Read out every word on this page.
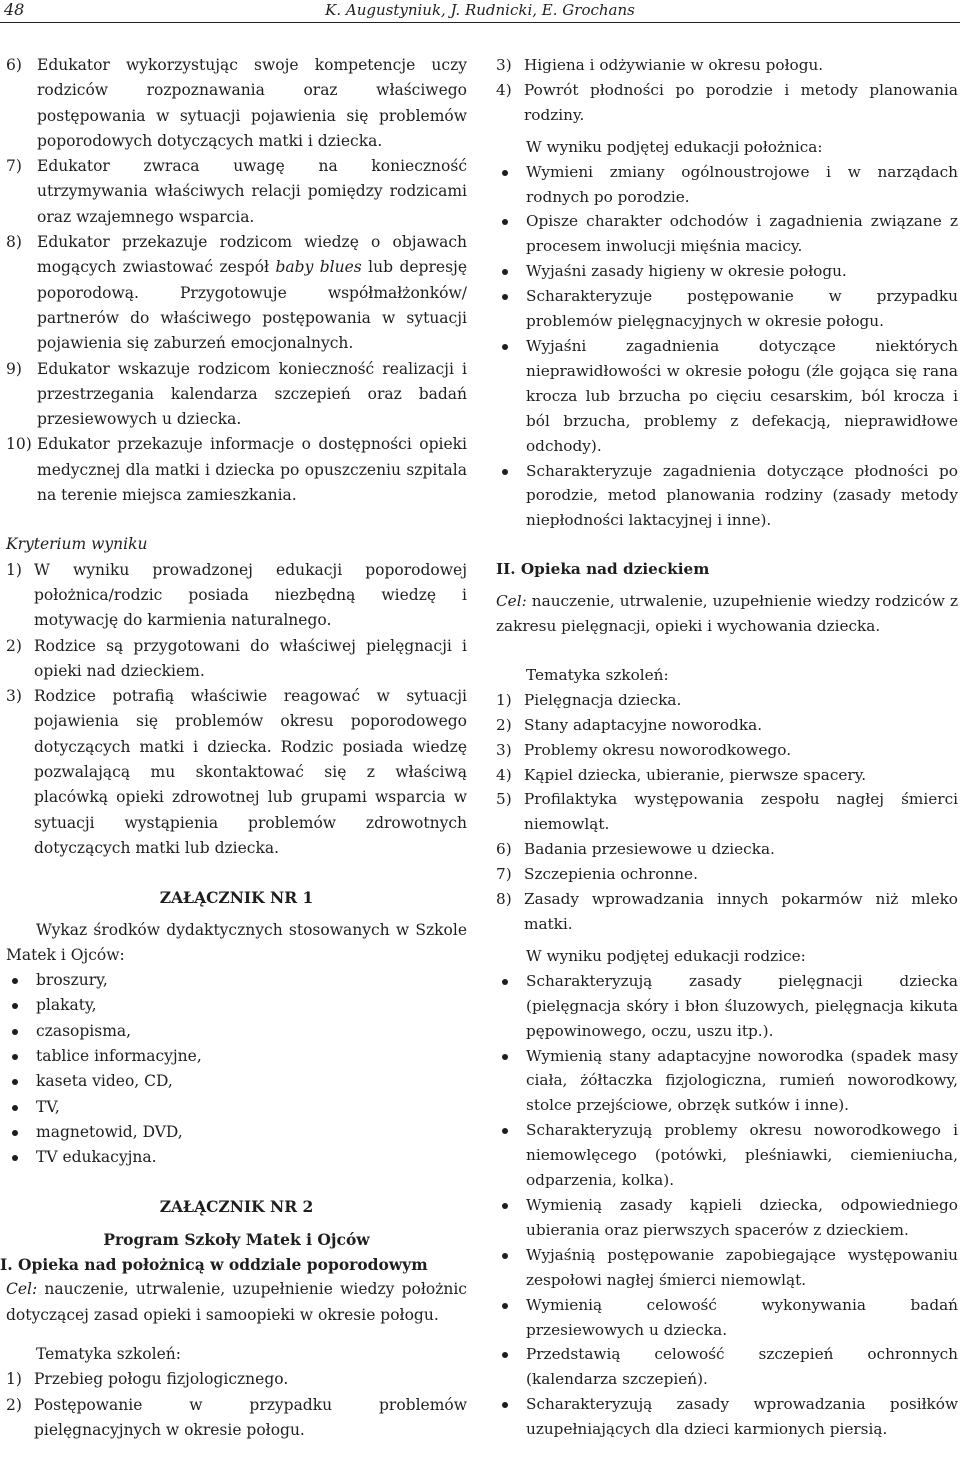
48	K. Augustyniuk, J. Rudnicki, E. Grochans
6) Edukator wykorzystując swoje kompetencje uczy rodziców rozpoznawania oraz właściwego postępowania w sytuacji pojawienia się problemów poporodowych dotyczących matki i dziecka.
7) Edukator zwraca uwagę na konieczność utrzymywania właściwych relacji pomiędzy rodzicami oraz wzajemnego wsparcia.
8) Edukator przekazuje rodzicom wiedzę o objawach mogących zwiastować zespół baby blues lub depresję poporodową. Przygotowuje współmałżonków/ partnerów do właściwego postępowania w sytuacji pojawienia się zaburzeń emocjonalnych.
9) Edukator wskazuje rodzicom konieczność realizacji i przestrzegania kalendarza szczepień oraz badań przesiewowych u dziecka.
10) Edukator przekazuje informacje o dostępności opieki medycznej dla matki i dziecka po opuszczeniu szpitala na terenie miejsca zamieszkania.

Kryterium wyniku

1) W wyniku prowadzonej edukacji poporodowej położnica/rodzic posiada niezbędną wiedzę i motywację do karmienia naturalnego.
2) Rodzice są przygotowani do właściwej pielęgnacji i opieki nad dzieckiem.
3) Rodzice potrafią właściwie reagować w sytuacji pojawienia się problemów okresu poporodowego dotyczących matki i dziecka. Rodzic posiada wiedzę pozwalającą mu skontaktować się z właściwą placówką opieki zdrowotnej lub grupami wsparcia w sytuacji wystąpienia problemów zdrowotnych dotyczących matki lub dziecka.

ZAŁĄCZNIK NR 1

Wykaz środków dydaktycznych stosowanych w Szkole Matek i Ojców:

broszury,
plakaty,
czasopisma,
tablice informacyjne,
kaseta video, CD,
TV,
magnetowid, DVD,
TV edukacyjna.

ZAŁĄCZNIK NR 2

Program Szkoły Matek i Ojców

I. Opieka nad położnicą w oddziale poporodowym

Cel: nauczenie, utrwalenie, uzupełnienie wiedzy położnic dotyczącej zasad opieki i samoopieki w okresie połogu.

Tematyka szkoleń:

1) Przebieg połogu fizjologicznego.
2) Postępowanie w przypadku problemów pielęgnacyjnych w okresie połogu.
3) Higiena i odżywianie w okresu połogu.
4) Powrót płodności po porodzie i metody planowania rodziny.

W wyniku podjętej edukacji położnica:

Wymieni zmiany ogólnoustrojowe i w narządach rodnych po porodzie.
Opisze charakter odchodów i zagadnienia związane z procesem inwolucji mięśnia macicy.
Wyjaśni zasady higieny w okresie połogu.
Scharakteryzuje postępowanie w przypadku problemów pielęgnacyjnych w okresie połogu.
Wyjaśni zagadnienia dotyczące niektórych nieprawidłowości w okresie połogu (źle gojąca się rana krocza lub brzucha po cięciu cesarskim, ból krocza i ból brzucha, problemy z defekacją, nieprawidłowe odchody).
Scharakteryzuje zagadnienia dotyczące płodności po porodzie, metod planowania rodziny (zasady metody niepłodności laktacyjnej i inne).

II. Opieka nad dzieckiem

Cel: nauczenie, utrwalenie, uzupełnienie wiedzy rodziców z zakresu pielęgnacji, opieki i wychowania dziecka.

Tematyka szkoleń:

1) Pielęgnacja dziecka.
2) Stany adaptacyjne noworodka.
3) Problemy okresu noworodkowego.
4) Kąpiel dziecka, ubieranie, pierwsze spacery.
5) Profilaktyka występowania zespołu nagłej śmierci niemowląt.
6) Badania przesiewowe u dziecka.
7) Szczepienia ochronne.
8) Zasady wprowadzania innych pokarmów niż mleko matki.

W wyniku podjętej edukacji rodzice:

Scharakteryzują zasady pielęgnacji dziecka (pielęgnacja skóry i błon śluzowych, pielęgnacja kikuta pępowinowego, oczu, uszu itp.).
Wymienią stany adaptacyjne noworodka (spadek masy ciała, żółtaczka fizjologiczna, rumień noworodkowy, stolce przejściowe, obrzęk sutków i inne).
Scharakteryzują problemy okresu noworodkowego i niemowlęcego (potówki, pleśniawki, ciemieniucha, odparzenia, kolka).
Wymienią zasady kąpieli dziecka, odpowiedniego ubierania oraz pierwszych spacerów z dzieckiem.
Wyjaśnią postępowanie zapobiegające występowaniu zespołowi nagłej śmierci niemowląt.
Wymienią celowość wykonywania badań przesiewowych u dziecka.
Przedstawią celowość szczepień ochronnych (kalendarza szczepień).
Scharakteryzują zasady wprowadzania posiłków uzupełniających dla dzieci karmionych piersią.
